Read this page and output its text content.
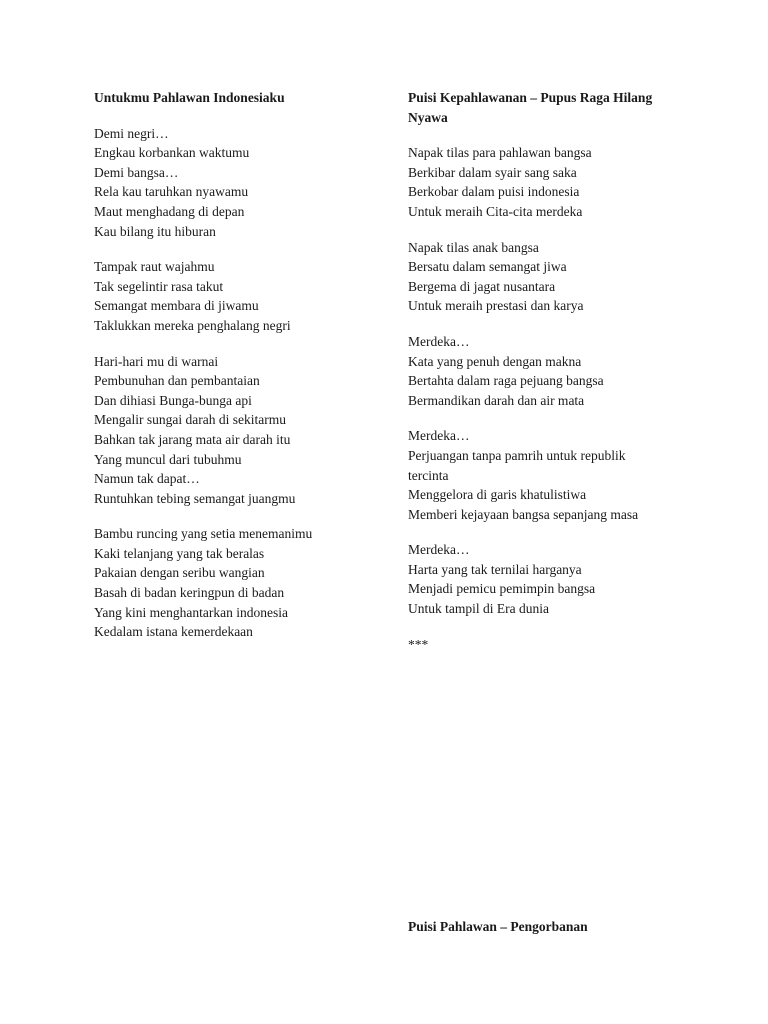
Untukmu Pahlawan Indonesiaku
Demi negri…
Engkau korbankan waktumu
Demi bangsa…
Rela kau taruhkan nyawamu
Maut menghadang di depan
Kau bilang itu hiburan
Tampak raut wajahmu
Tak segelintir rasa takut
Semangat membara di jiwamu
Taklukkan mereka penghalang negri
Hari-hari mu di warnai
Pembunuhan dan pembantaian
Dan dihiasi Bunga-bunga api
Mengalir sungai darah di sekitarmu
Bahkan tak jarang mata air darah itu
Yang muncul dari tubuhmu
Namun tak dapat…
Runtuhkan tebing semangat juangmu
Bambu runcing yang setia menemanimu
Kaki telanjang yang tak beralas
Pakaian dengan seribu wangian
Basah di badan keringpun di badan
Yang kini menghantarkan indonesia
Kedalam istana kemerdekaan
Puisi Kepahlawanan – Pupus Raga Hilang Nyawa
Napak tilas para pahlawan bangsa
Berkibar dalam syair sang saka
Berkobar dalam puisi indonesia
Untuk meraih Cita-cita merdeka
Napak tilas anak bangsa
Bersatu dalam semangat jiwa
Bergema di jagat nusantara
Untuk meraih prestasi dan karya
Merdeka…
Kata yang penuh dengan makna
Bertahta dalam raga pejuang bangsa
Bermandikan darah dan air mata
Merdeka…
Perjuangan tanpa pamrih untuk republik tercinta
Menggelora di garis khatulistiwa
Memberi kejayaan bangsa sepanjang masa
Merdeka…
Harta yang tak ternilai harganya
Menjadi pemicu pemimpin bangsa
Untuk tampil di Era dunia
***
Puisi Pahlawan – Pengorbanan
